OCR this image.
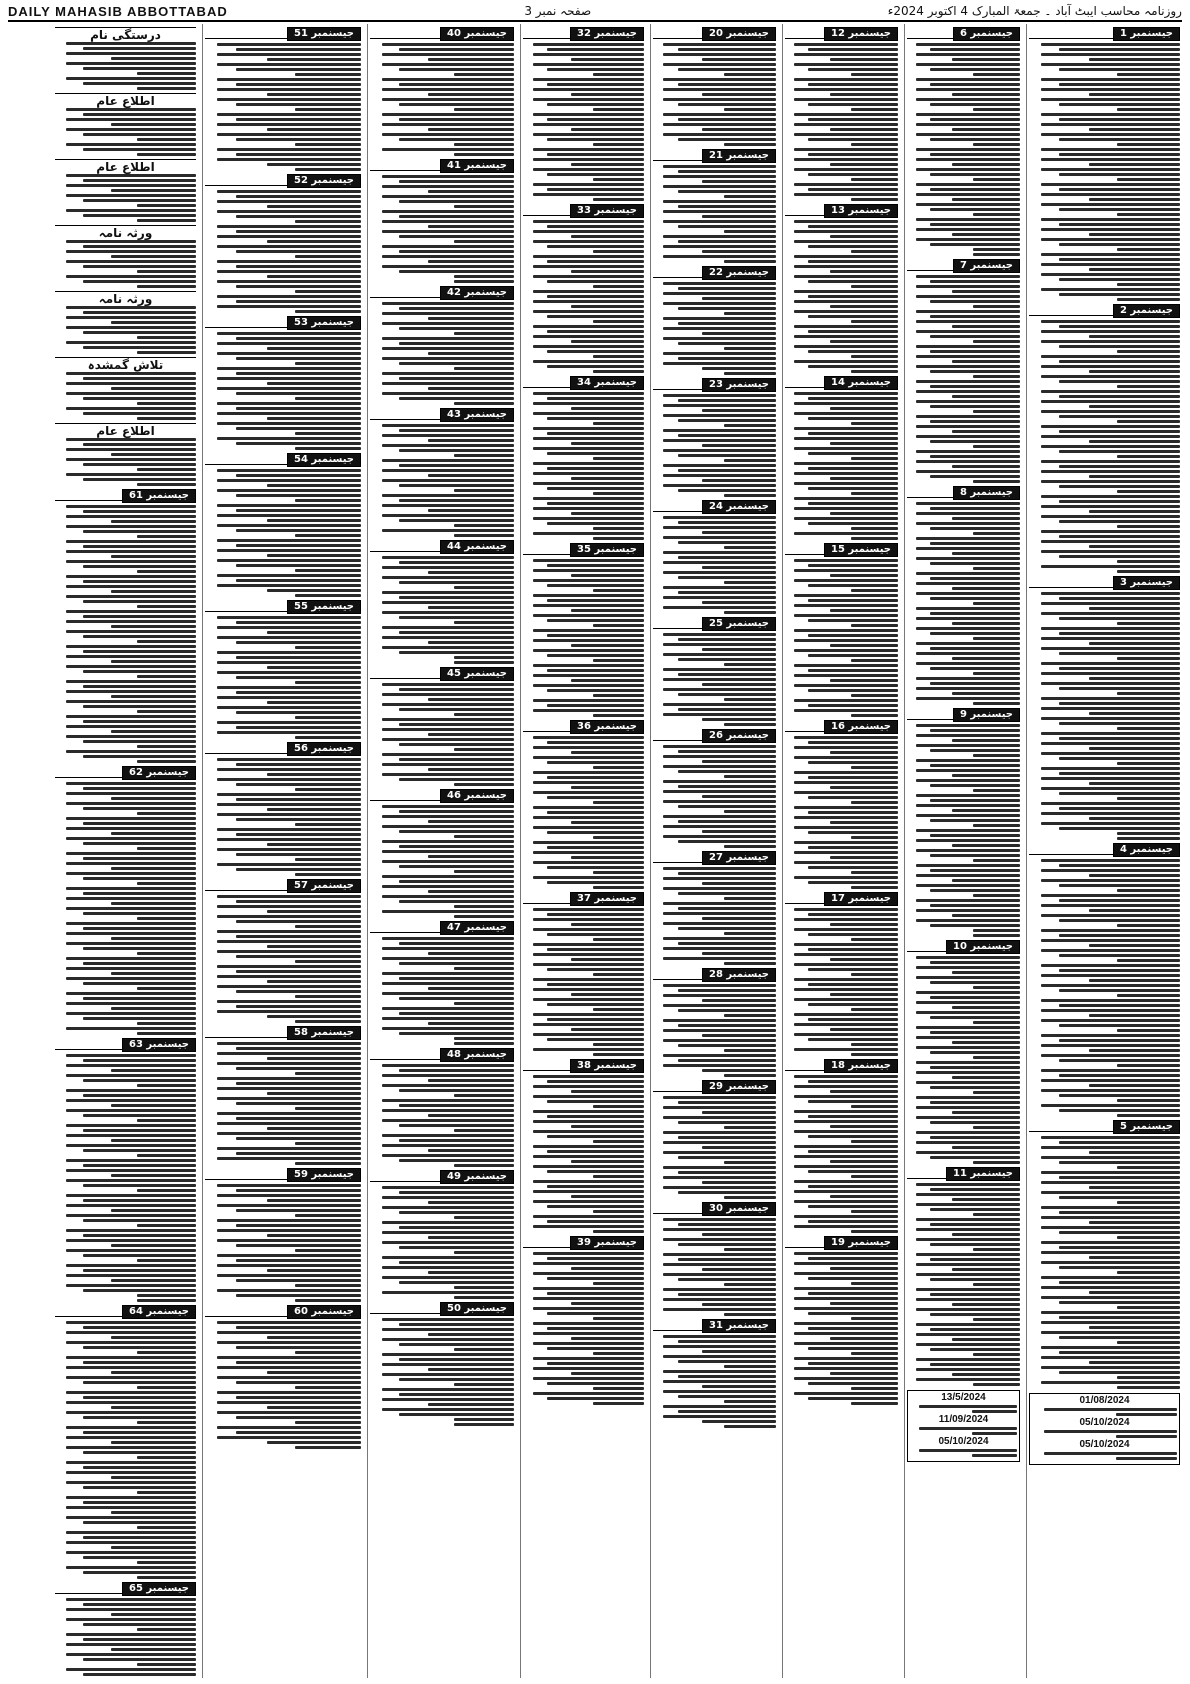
DAILY MAHASIB ABBOTTABAD	صفحہ نمبر 3	روزنامہ محاسب ایبٹ آباد ۔ جمعۃ المبارک 4 اکتوبر 2024ء
جیسنمبر 1
جیسنمبر 2
جیسنمبر 3
جیسنمبر 4
جیسنمبر 5
01/08/2024
05/10/2024
05/10/2024
جیسنمبر 6
جیسنمبر 7
جیسنمبر 8
جیسنمبر 9
جیسنمبر 10
جیسنمبر 11
13/5/2024
11/09/2024
05/10/2024
جیسنمبر 12
جیسنمبر 13
جیسنمبر 14
جیسنمبر 15
جیسنمبر 16
جیسنمبر 17
جیسنمبر 18
جیسنمبر 19
جیسنمبر 20
جیسنمبر 21
جیسنمبر 22
جیسنمبر 23
جیسنمبر 24
جیسنمبر 25
جیسنمبر 26
جیسنمبر 27
جیسنمبر 28
جیسنمبر 29
جیسنمبر 30
جیسنمبر 31
جیسنمبر 32
جیسنمبر 33
جیسنمبر 34
جیسنمبر 35
جیسنمبر 36
جیسنمبر 37
جیسنمبر 38
جیسنمبر 39
جیسنمبر 40
جیسنمبر 41
جیسنمبر 42
جیسنمبر 43
جیسنمبر 44
جیسنمبر 45
جیسنمبر 46
جیسنمبر 47
جیسنمبر 48
جیسنمبر 49
جیسنمبر 50
جیسنمبر 51
جیسنمبر 52
جیسنمبر 53
جیسنمبر 54
جیسنمبر 55
جیسنمبر 56
جیسنمبر 57
جیسنمبر 58
جیسنمبر 59
جیسنمبر 60
درستگی نام
اطلاع عام
اطلاع عام
ورثہ نامہ
ورثہ نامہ
تلاش گمشدہ
اطلاع عام
جیسنمبر 61
جیسنمبر 62
جیسنمبر 63
جیسنمبر 64
جیسنمبر 65
